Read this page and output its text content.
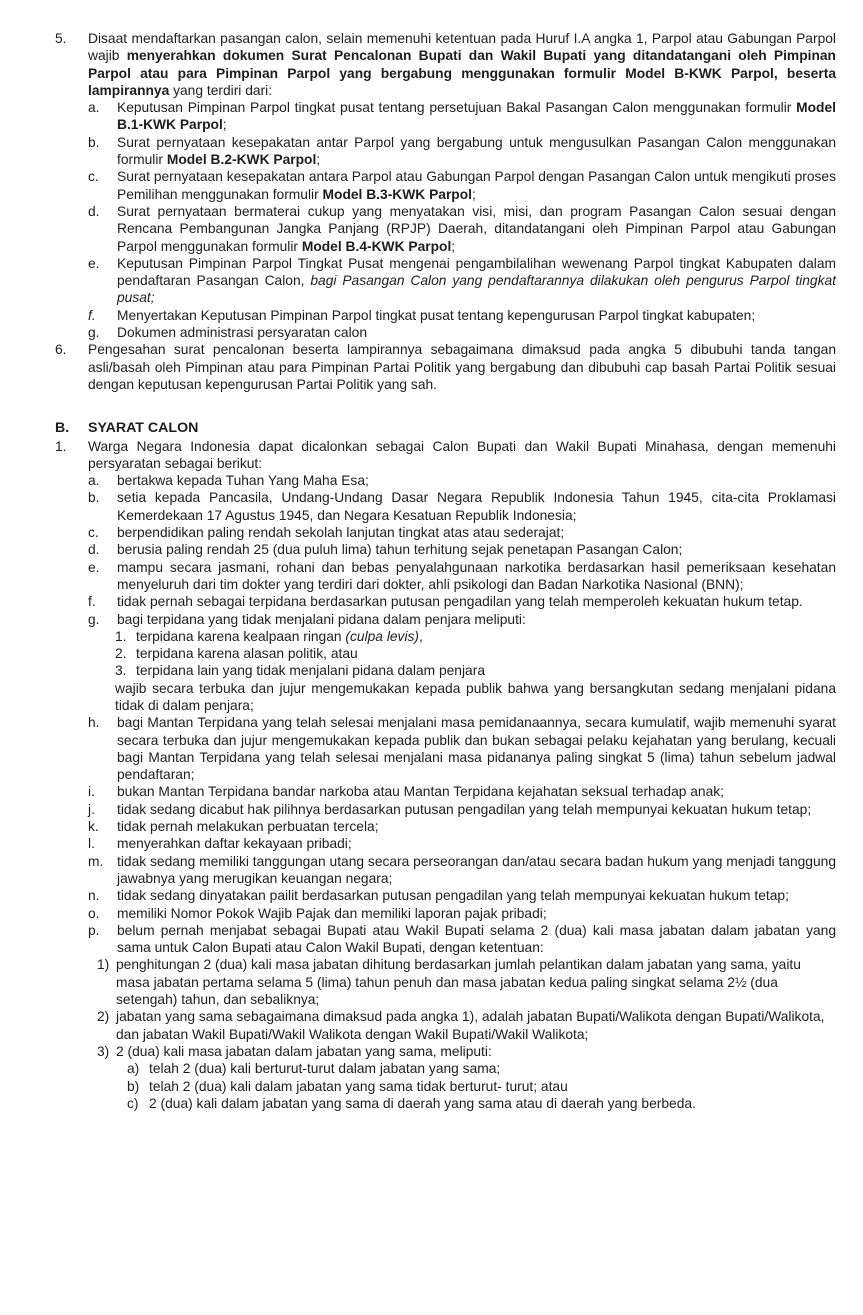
5.	Disaat mendaftarkan pasangan calon, selain memenuhi ketentuan pada Huruf I.A angka 1, Parpol atau Gabungan Parpol wajib menyerahkan dokumen Surat Pencalonan Bupati dan Wakil Bupati yang ditandatangani oleh Pimpinan Parpol atau para Pimpinan Parpol yang bergabung menggunakan formulir Model B-KWK Parpol, beserta lampirannya yang terdiri dari:
a.	Keputusan Pimpinan Parpol tingkat pusat tentang persetujuan Bakal Pasangan Calon menggunakan formulir Model B.1-KWK Parpol;
b.	Surat pernyataan kesepakatan antar Parpol yang bergabung untuk mengusulkan Pasangan Calon menggunakan formulir Model B.2-KWK Parpol;
c.	Surat pernyataan kesepakatan antara Parpol atau Gabungan Parpol dengan Pasangan Calon untuk mengikuti proses Pemilihan menggunakan formulir Model B.3-KWK Parpol;
d.	Surat pernyataan bermaterai cukup yang menyatakan visi, misi, dan program Pasangan Calon sesuai dengan Rencana Pembangunan Jangka Panjang (RPJP) Daerah, ditandatangani oleh Pimpinan Parpol atau Gabungan Parpol menggunakan formulir Model B.4-KWK Parpol;
e.	Keputusan Pimpinan Parpol Tingkat Pusat mengenai pengambilalihan wewenang Parpol tingkat Kabupaten dalam pendaftaran Pasangan Calon, bagi Pasangan Calon yang pendaftarannya dilakukan oleh pengurus Parpol tingkat pusat;
f.	Menyertakan Keputusan Pimpinan Parpol tingkat pusat tentang kepengurusan Parpol tingkat kabupaten;
g.	Dokumen administrasi persyaratan calon
6.	Pengesahan surat pencalonan beserta lampirannya sebagaimana dimaksud pada angka 5 dibubuhi tanda tangan asli/basah oleh Pimpinan atau para Pimpinan Partai Politik yang bergabung dan dibubuhi cap basah Partai Politik sesuai dengan keputusan kepengurusan Partai Politik yang sah.
B.	SYARAT CALON
1.	Warga Negara Indonesia dapat dicalonkan sebagai Calon Bupati dan Wakil Bupati Minahasa, dengan memenuhi persyaratan sebagai berikut:
a.	bertakwa kepada Tuhan Yang Maha Esa;
b.	setia kepada Pancasila, Undang-Undang Dasar Negara Republik Indonesia Tahun 1945, cita-cita Proklamasi Kemerdekaan 17 Agustus 1945, dan Negara Kesatuan Republik Indonesia;
c.	berpendidikan paling rendah sekolah lanjutan tingkat atas atau sederajat;
d.	berusia paling rendah 25 (dua puluh lima) tahun terhitung sejak penetapan Pasangan Calon;
e.	mampu secara jasmani, rohani dan bebas penyalahgunaan narkotika berdasarkan hasil pemeriksaan kesehatan menyeluruh dari tim dokter yang terdiri dari dokter, ahli psikologi dan Badan Narkotika Nasional (BNN);
f.	tidak pernah sebagai terpidana berdasarkan putusan pengadilan yang telah memperoleh kekuatan hukum tetap.
g.	bagi terpidana yang tidak menjalani pidana dalam penjara meliputi:
1. terpidana karena kealpaan ringan (culpa levis),
2. terpidana karena alasan politik, atau
3. terpidana lain yang tidak menjalani pidana dalam penjara
wajib secara terbuka dan jujur mengemukakan kepada publik bahwa yang bersangkutan sedang menjalani pidana tidak di dalam penjara;
h.	bagi Mantan Terpidana yang telah selesai menjalani masa pemidanaannya, secara kumulatif, wajib memenuhi syarat secara terbuka dan jujur mengemukakan kepada publik dan bukan sebagai pelaku kejahatan yang berulang, kecuali bagi Mantan Terpidana yang telah selesai menjalani masa pidananya paling singkat 5 (lima) tahun sebelum jadwal pendaftaran;
i.	bukan Mantan Terpidana bandar narkoba atau Mantan Terpidana kejahatan seksual terhadap anak;
j.	tidak sedang dicabut hak pilihnya berdasarkan putusan pengadilan yang telah mempunyai kekuatan hukum tetap;
k.	tidak pernah melakukan perbuatan tercela;
l.	menyerahkan daftar kekayaan pribadi;
m. tidak sedang memiliki tanggungan utang secara perseorangan dan/atau secara badan hukum yang menjadi tanggung jawabnya yang merugikan keuangan negara;
n.	tidak sedang dinyatakan pailit berdasarkan putusan pengadilan yang telah mempunyai kekuatan hukum tetap;
o.	memiliki Nomor Pokok Wajib Pajak dan memiliki laporan pajak pribadi;
p.	belum pernah menjabat sebagai Bupati atau Wakil Bupati selama 2 (dua) kali masa jabatan dalam jabatan yang sama untuk Calon Bupati atau Calon Wakil Bupati, dengan ketentuan:
1) penghitungan 2 (dua) kali masa jabatan dihitung berdasarkan jumlah pelantikan dalam jabatan yang sama, yaitu masa jabatan pertama selama 5 (lima) tahun penuh dan masa jabatan kedua paling singkat selama 2½ (dua setengah) tahun, dan sebaliknya;
2) jabatan yang sama sebagaimana dimaksud pada angka 1), adalah jabatan Bupati/Walikota dengan Bupati/Walikota, dan jabatan Wakil Bupati/Wakil Walikota dengan Wakil Bupati/Wakil Walikota;
3) 2 (dua) kali masa jabatan dalam jabatan yang sama, meliputi:
a) telah 2 (dua) kali berturut-turut dalam jabatan yang sama;
b) telah 2 (dua) kali dalam jabatan yang sama tidak berturut- turut; atau
c) 2 (dua) kali dalam jabatan yang sama di daerah yang sama atau di daerah yang berbeda.
